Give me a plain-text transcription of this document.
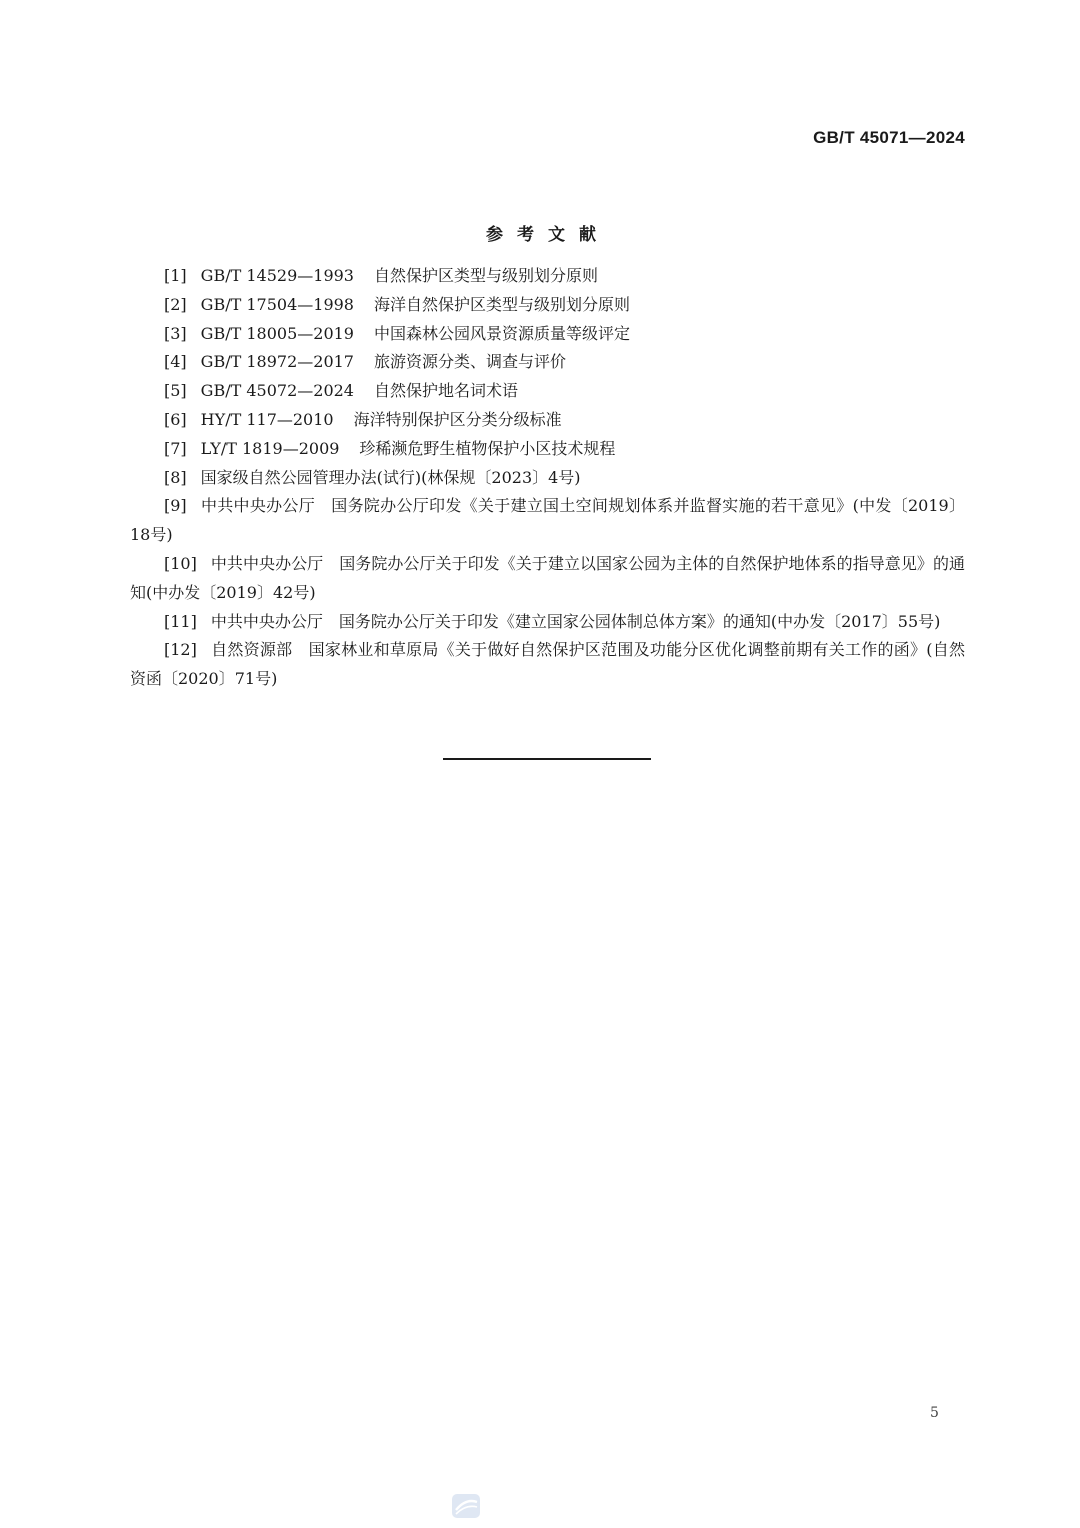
GB/T 45071—2024
参考文献

[1] GB/T 14529—1993 自然保护区类型与级别划分原则

[2] GB/T 17504—1998 海洋自然保护区类型与级别划分原则

[3] GB/T 18005—2019 中国森林公园风景资源质量等级评定

[4] GB/T 18972—2017 旅游资源分类、调查与评价

[5] GB/T 45072—2024 自然保护地名词术语

[6] HY/T 117—2010 海洋特别保护区分类分级标准

[7] LY/T 1819—2009 珍稀濒危野生植物保护小区技术规程

[8] 国家级自然公园管理办法(试行)(林保规〔2023〕4号)

[9] 中共中央办公厅　国务院办公厅印发《关于建立国土空间规划体系并监督实施的若干意见》(中发〔2019〕18号)

[10] 中共中央办公厅　国务院办公厅关于印发《关于建立以国家公园为主体的自然保护地体系的指导意见》的通知(中办发〔2019〕42号)

[11] 中共中央办公厅　国务院办公厅关于印发《建立国家公园体制总体方案》的通知(中办发〔2017〕55号)

[12] 自然资源部　国家林业和草原局《关于做好自然保护区范围及功能分区优化调整前期有关工作的函》(自然资函〔2020〕71号)

5
